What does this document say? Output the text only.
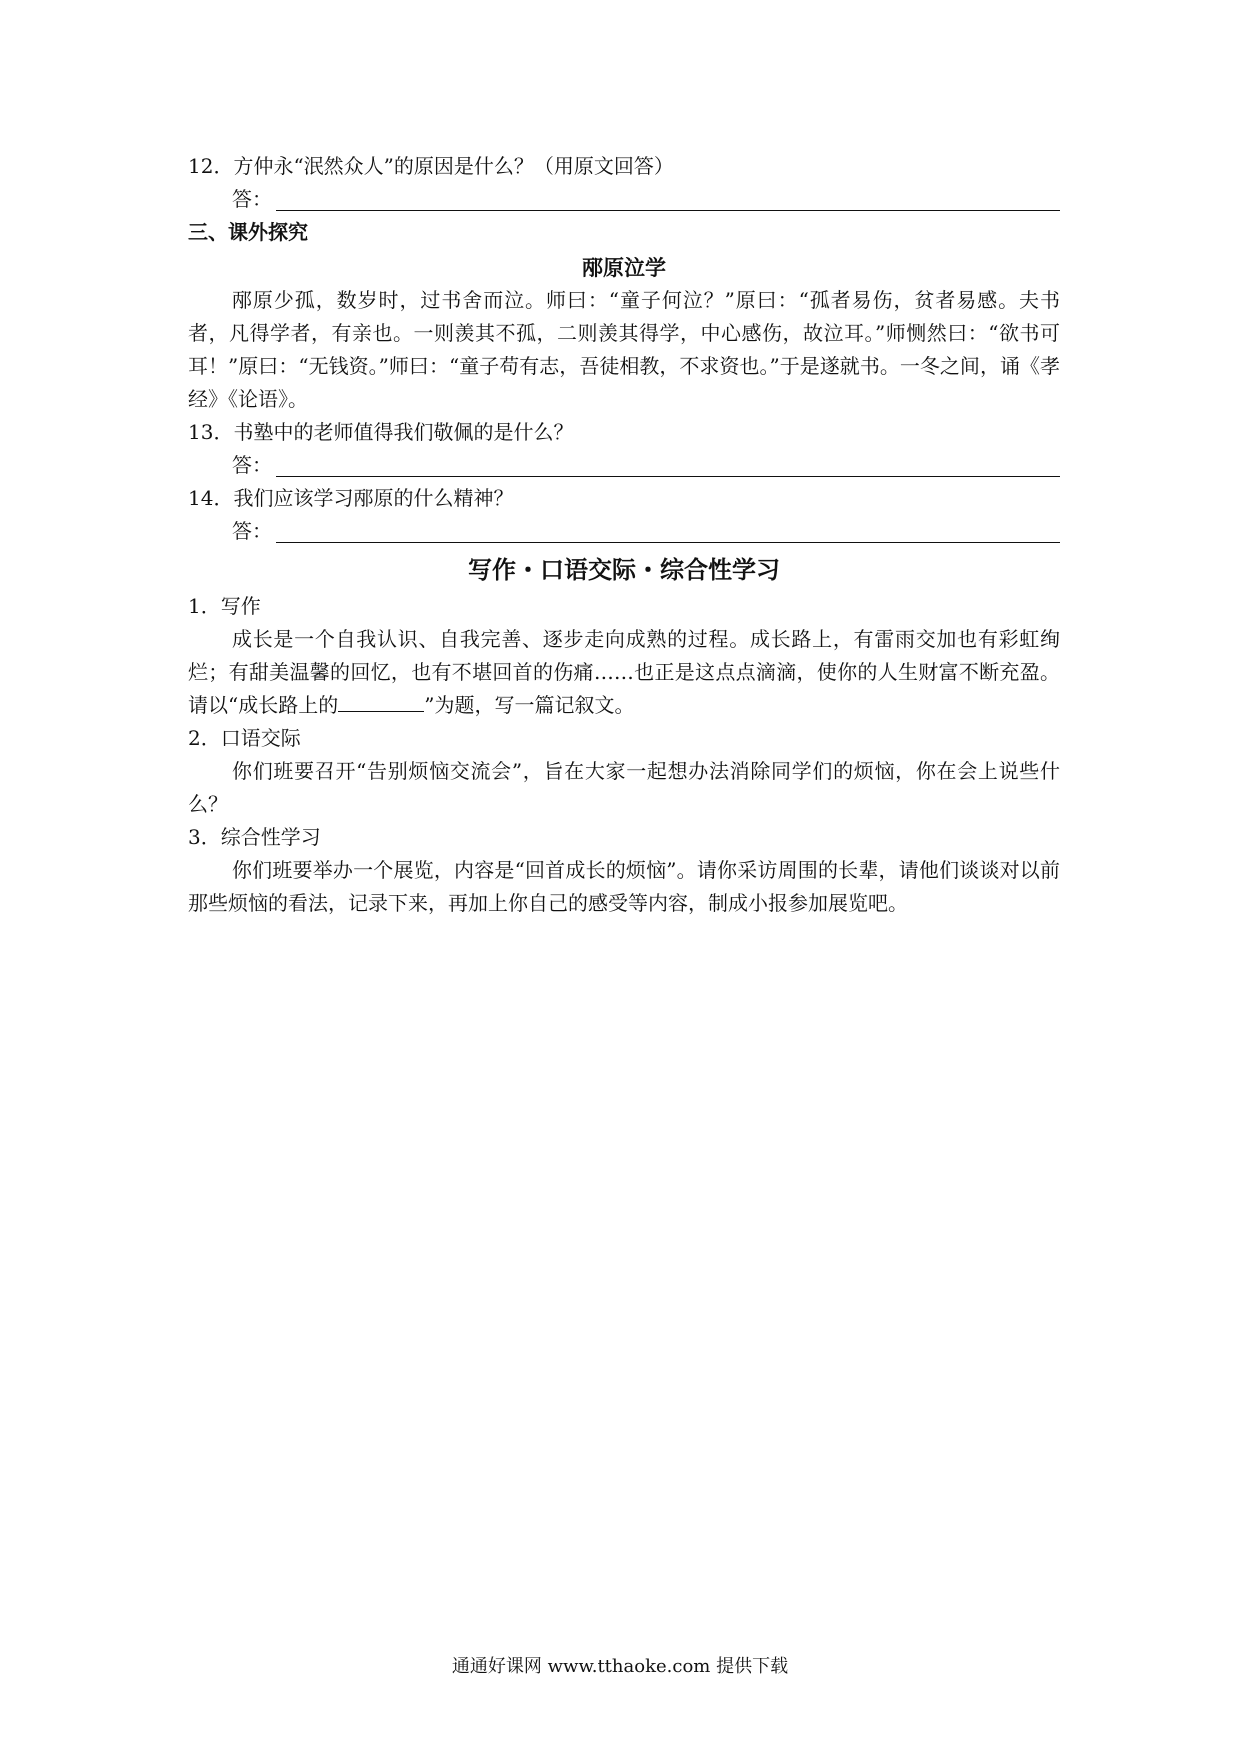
12．方仲永“泯然众人”的原因是什么？（用原文回答）
答：
三、课外探究
邴原泣学
邴原少孤，数岁时，过书舍而泣。师曰：“童子何泣？”原曰：“孤者易伤，贫者易感。夫书者，凡得学者，有亲也。一则羡其不孤，二则羡其得学，中心感伤，故泣耳。”师恻然曰：“欲书可耳！”原曰：“无钱资。”师曰：“童子苟有志，吾徒相教，不求资也。”于是遂就书。一冬之间，诵《孝经》《论语》。
13．书塾中的老师值得我们敬佩的是什么？
答：
14．我们应该学习邴原的什么精神？
答：
写作・口语交际・综合性学习
1．写作
成长是一个自我认识、自我完善、逐步走向成熟的过程。成长路上，有雷雨交加也有彩虹绚烂；有甜美温馨的回忆，也有不堪回首的伤痛……也正是这点点滴滴，使你的人生财富不断充盈。请以“成长路上的	”为题，写一篇记叙文。
2．口语交际
你们班要召开“告别烦恼交流会”，旨在大家一起想办法消除同学们的烦恼，你在会上说些什么？
3．综合性学习
你们班要举办一个展览，内容是“回首成长的烦恼”。请你采访周围的长辈，请他们谈谈对以前那些烦恼的看法，记录下来，再加上你自己的感受等内容，制成小报参加展览吧。
通通好课网 www.tthaoke.com 提供下载
